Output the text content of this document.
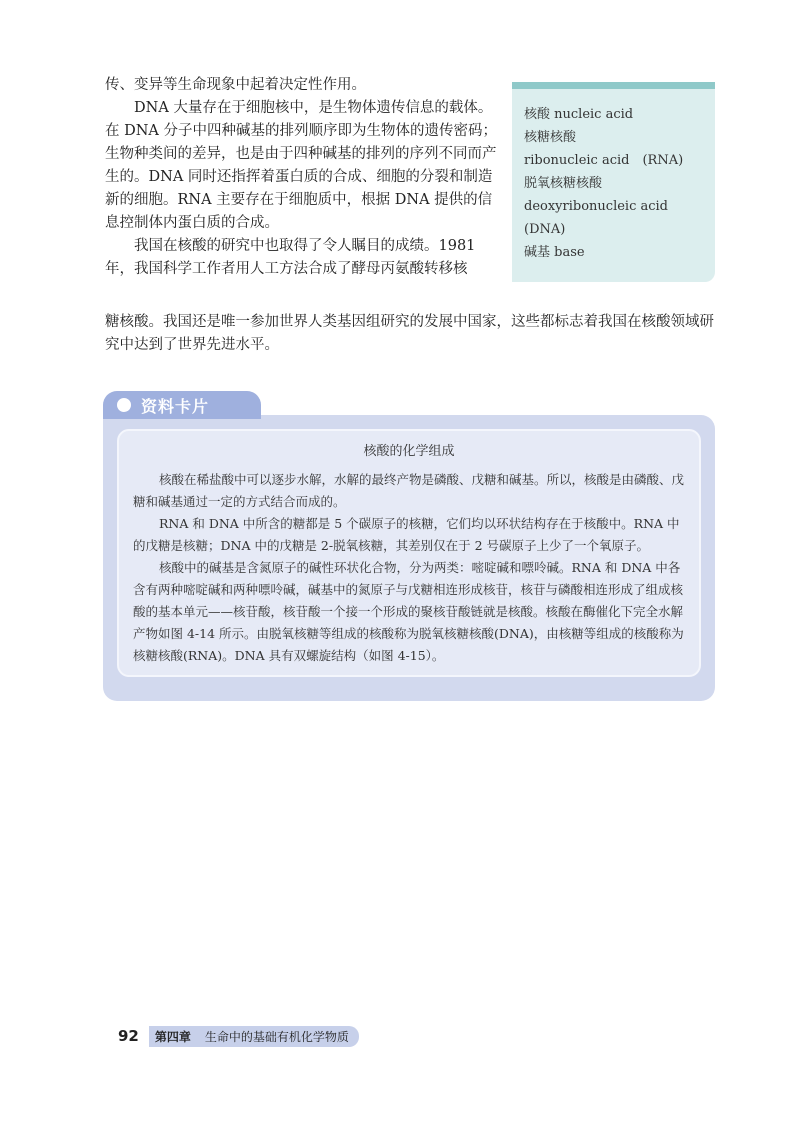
传、变异等生命现象中起着决定性作用。

DNA 大量存在于细胞核中，是生物体遗传信息的载体。在 DNA 分子中四种碱基的排列顺序即为生物体的遗传密码；生物种类间的差异，也是由于四种碱基的排列的序列不同而产生的。DNA 同时还指挥着蛋白质的合成、细胞的分裂和制造新的细胞。RNA 主要存在于细胞质中，根据 DNA 提供的信息控制体内蛋白质的合成。

我国在核酸的研究中也取得了令人瞩目的成绩。1981 年，我国科学工作者用人工方法合成了酵母丙氨酸转移核

糖核酸。我国还是唯一参加世界人类基因组研究的发展中国家，这些都标志着我国在核酸领域研究中达到了世界先进水平。

核酸 nucleic acid
核糖核酸
ribonucleic acid　(RNA)
脱氧核糖核酸
deoxyribonucleic acid
(DNA)
碱基 base
核酸的化学组成

核酸在稀盐酸中可以逐步水解，水解的最终产物是磷酸、戊糖和碱基。所以，核酸是由磷酸、戊糖和碱基通过一定的方式结合而成的。

RNA 和 DNA 中所含的糖都是 5 个碳原子的核糖，它们均以环状结构存在于核酸中。RNA 中的戊糖是核糖；DNA 中的戊糖是 2-脱氧核糖，其差别仅在于 2 号碳原子上少了一个氧原子。

核酸中的碱基是含氮原子的碱性环状化合物，分为两类：嘧啶碱和嘌呤碱。RNA 和 DNA 中各含有两种嘧啶碱和两种嘌呤碱，碱基中的氮原子与戊糖相连形成核苷，核苷与磷酸相连形成了组成核酸的基本单元——核苷酸，核苷酸一个接一个形成的聚核苷酸链就是核酸。核酸在酶催化下完全水解产物如图 4-14 所示。由脱氧核糖等组成的核酸称为脱氧核糖核酸(DNA)，由核糖等组成的核酸称为核糖核酸(RNA)。DNA 具有双螺旋结构（如图 4-15）。

资料卡片
92 第四章 生命中的基础有机化学物质
